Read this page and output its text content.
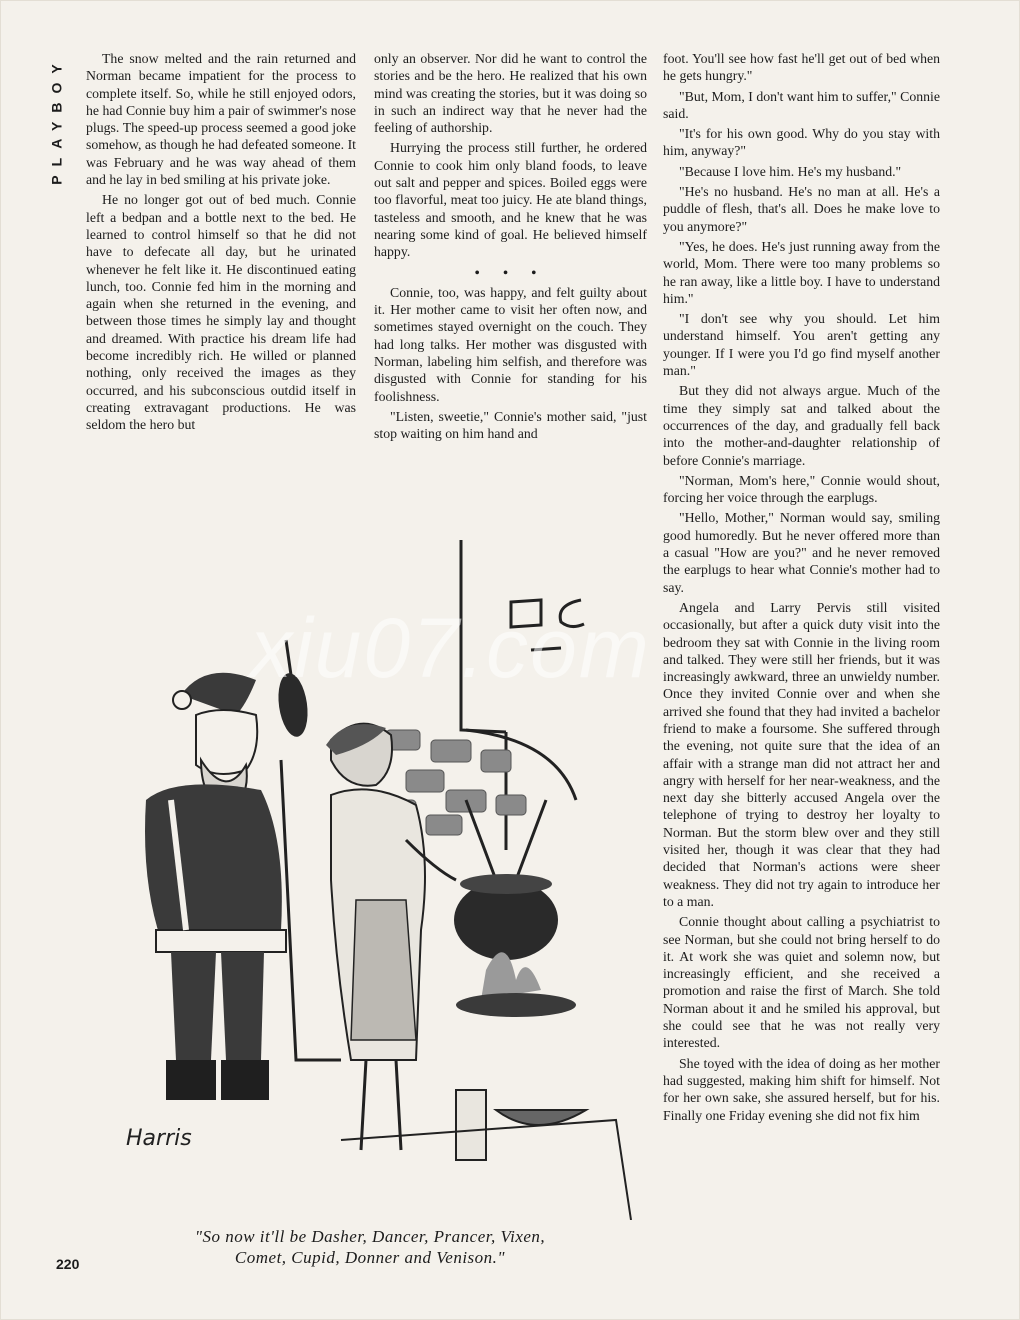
PLAYBOY	The snow melted and the rain returned and Norman became impatient for the process to complete itself. So, while he still enjoyed odors, he had Connie buy him a pair of swimmer's nose plugs. The speed-up process seemed a good joke somehow, as though he had defeated someone. It was February and he was way ahead of them and he lay in bed smiling at his private joke.

He no longer got out of bed much. Connie left a bedpan and a bottle next to the bed. He learned to control himself so that he did not have to defecate all day, but he urinated whenever he felt like it. He discontinued eating lunch, too. Connie fed him in the morning and again when she returned in the evening, and between those times he simply lay and thought and dreamed. With practice his dream life had become incredibly rich. He willed or planned nothing, only received the images as they occurred, and his subconscious outdid itself in creating extravagant productions. He was seldom the hero but

only an observer. Nor did he want to control the stories and be the hero. He realized that his own mind was creating the stories, but it was doing so in such an indirect way that he never had the feeling of authorship.

Hurrying the process still further, he ordered Connie to cook him only bland foods, to leave out salt and pepper and spices. Boiled eggs were too flavorful, meat too juicy. He ate bland things, tasteless and smooth, and he knew that he was nearing some kind of goal. He believed himself happy.

• • •

Connie, too, was happy, and felt guilty about it. Her mother came to visit her often now, and sometimes stayed overnight on the couch. They had long talks. Her mother was disgusted with Norman, labeling him selfish, and therefore was disgusted with Connie for standing for his foolishness.

"Listen, sweetie," Connie's mother said, "just stop waiting on him hand and

foot. You'll see how fast he'll get out of bed when he gets hungry."

"But, Mom, I don't want him to suffer," Connie said.

"It's for his own good. Why do you stay with him, anyway?"

"Because I love him. He's my husband."

"He's no husband. He's no man at all. He's a puddle of flesh, that's all. Does he make love to you anymore?"

"Yes, he does. He's just running away from the world, Mom. There were too many problems so he ran away, like a little boy. I have to understand him."

"I don't see why you should. Let him understand himself. You aren't getting any younger. If I were you I'd go find myself another man."

But they did not always argue. Much of the time they simply sat and talked about the occurrences of the day, and gradually fell back into the mother-and-daughter relationship of before Connie's marriage.

"Norman, Mom's here," Connie would shout, forcing her voice through the earplugs.

"Hello, Mother," Norman would say, smiling good humoredly. But he never offered more than a casual "How are you?" and he never removed the earplugs to hear what Connie's mother had to say.

Angela and Larry Pervis still visited occasionally, but after a quick duty visit into the bedroom they sat with Connie in the living room and talked. They were still her friends, but it was increasingly awkward, three an unwieldy number. Once they invited Connie over and when she arrived she found that they had invited a bachelor friend to make a foursome. She suffered through the evening, not quite sure that the idea of an affair with a strange man did not attract her and angry with herself for her near-weakness, and the next day she bitterly accused Angela over the telephone of trying to destroy her loyalty to Norman. But the storm blew over and they still visited her, though it was clear that they had decided that Norman's actions were sheer weakness. They did not try again to introduce her to a man.

Connie thought about calling a psychiatrist to see Norman, but she could not bring herself to do it. At work she was quiet and solemn now, but increasingly efficient, and she received a promotion and raise the first of March. She told Norman about it and he smiled his approval, but she could see that he was not really very interested.

She toyed with the idea of doing as her mother had suggested, making him shift for himself. Not for her own sake, she assured herself, but for his. Finally one Friday evening she did not fix him

Harris
"So now it'll be Dasher, Dancer, Prancer, Vixen,
Comet, Cupid, Donner and Venison."
220
xiu07.com
